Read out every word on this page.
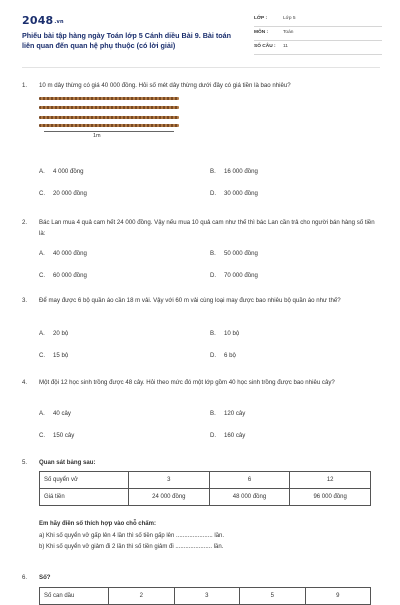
2048.vn
Phiếu bài tập hàng ngày Toán lớp 5 Cánh diều Bài 9. Bài toán liên quan đến quan hệ phụ thuộc (có lời giải)
LỚP :	Lớp 5
MÔN :	Toán
SỐ CÂU : 11
1. 10 m dây thừng có giá 40 000 đồng. Hỏi số mét dây thừng dưới đây có giá tiền là bao nhiêu?
1m
A. 4 000 đồng	B. 16 000 đồng
C. 20 000 đồng	D. 30 000 đồng
2. Bác Lan mua 4 quả cam hết 24 000 đồng. Vậy nếu mua 10 quả cam như thế thì bác Lan cần trả cho người bán hàng số tiền là:
A. 40 000 đồng	B. 50 000 đồng
C. 60 000 đồng	D. 70 000 đồng
3. Để may được 6 bộ quần áo cần 18 m vải. Vậy với 60 m vải cùng loại may được bao nhiêu bộ quần áo như thế?
A. 20 bộ	B. 10 bộ
C. 15 bộ	D. 6 bộ
4. Một đội 12 học sinh trồng được 48 cây. Hỏi theo mức đó một lớp gồm 40 học sinh trồng được bao nhiêu cây?
A. 40 cây	B. 120 cây
C. 150 cây	D. 160 cây
5. Quan sát bảng sau:
Số quyển vở	3	6	12
Giá tiền	24 000 đồng	48 000 đồng	96 000 đồng
Em hãy điền số thích hợp vào chỗ chấm:
a) Khi số quyển vở gấp lên 4 lần thì số tiền gấp lên ...................... lần.
b) Khi số quyển vở giảm đi 2 lần thì số tiền giảm đi ...................... lần.
6. Số?
Số can dầu	2	3	5	9
